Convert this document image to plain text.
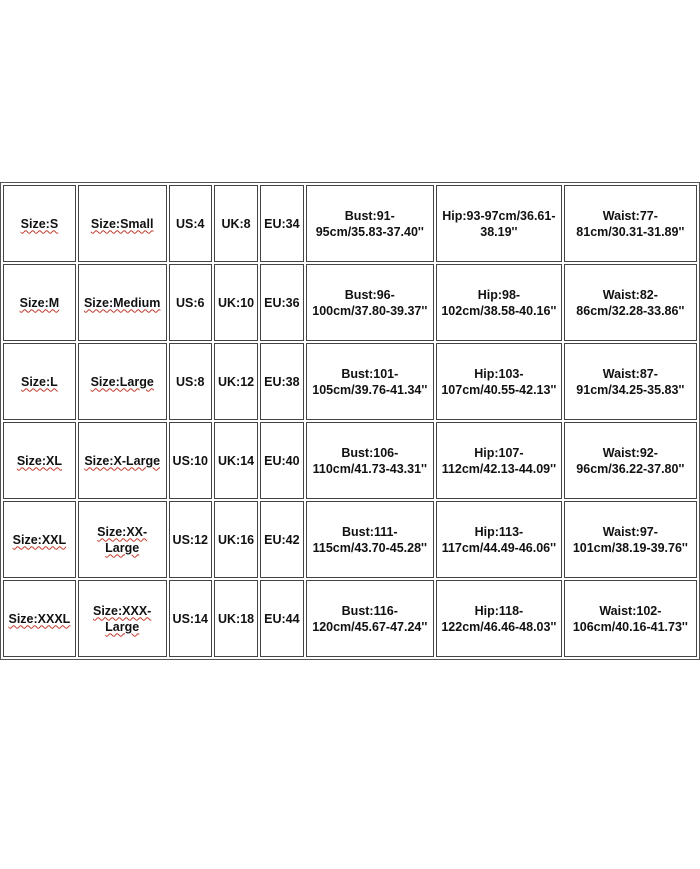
Size:S	Size:Small	US:4	UK:8	EU:34	Bust:91-95cm/35.83-37.40''	Hip:93-97cm/36.61-38.19''	Waist:77-81cm/30.31-31.89''
Size:M	Size:Medium	US:6	UK:10	EU:36	Bust:96-100cm/37.80-39.37''	Hip:98-102cm/38.58-40.16''	Waist:82-86cm/32.28-33.86''
Size:L	Size:Large	US:8	UK:12	EU:38	Bust:101-105cm/39.76-41.34''	Hip:103-107cm/40.55-42.13''	Waist:87-91cm/34.25-35.83''
Size:XL	Size:X-Large	US:10	UK:14	EU:40	Bust:106-110cm/41.73-43.31''	Hip:107-112cm/42.13-44.09''	Waist:92-96cm/36.22-37.80''
Size:XXL	Size:XX-Large	US:12	UK:16	EU:42	Bust:111-115cm/43.70-45.28''	Hip:113-117cm/44.49-46.06''	Waist:97-101cm/38.19-39.76''
Size:XXXL	Size:XXX-Large	US:14	UK:18	EU:44	Bust:116-120cm/45.67-47.24''	Hip:118-122cm/46.46-48.03''	Waist:102-106cm/40.16-41.73''
